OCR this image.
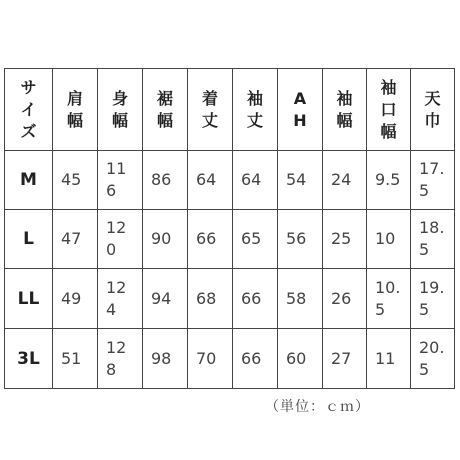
サイズ	肩幅	身幅	裾幅	着丈	袖丈	AH	袖幅	袖口幅	天巾
M	45	116	86	64	64	54	24	9.5	17.5
L	47	120	90	66	65	56	25	10	18.5
LL	49	124	94	68	66	58	26	10.5	19.5
3L	51	128	98	70	66	60	27	11	20.5
（単位：ｃｍ）
